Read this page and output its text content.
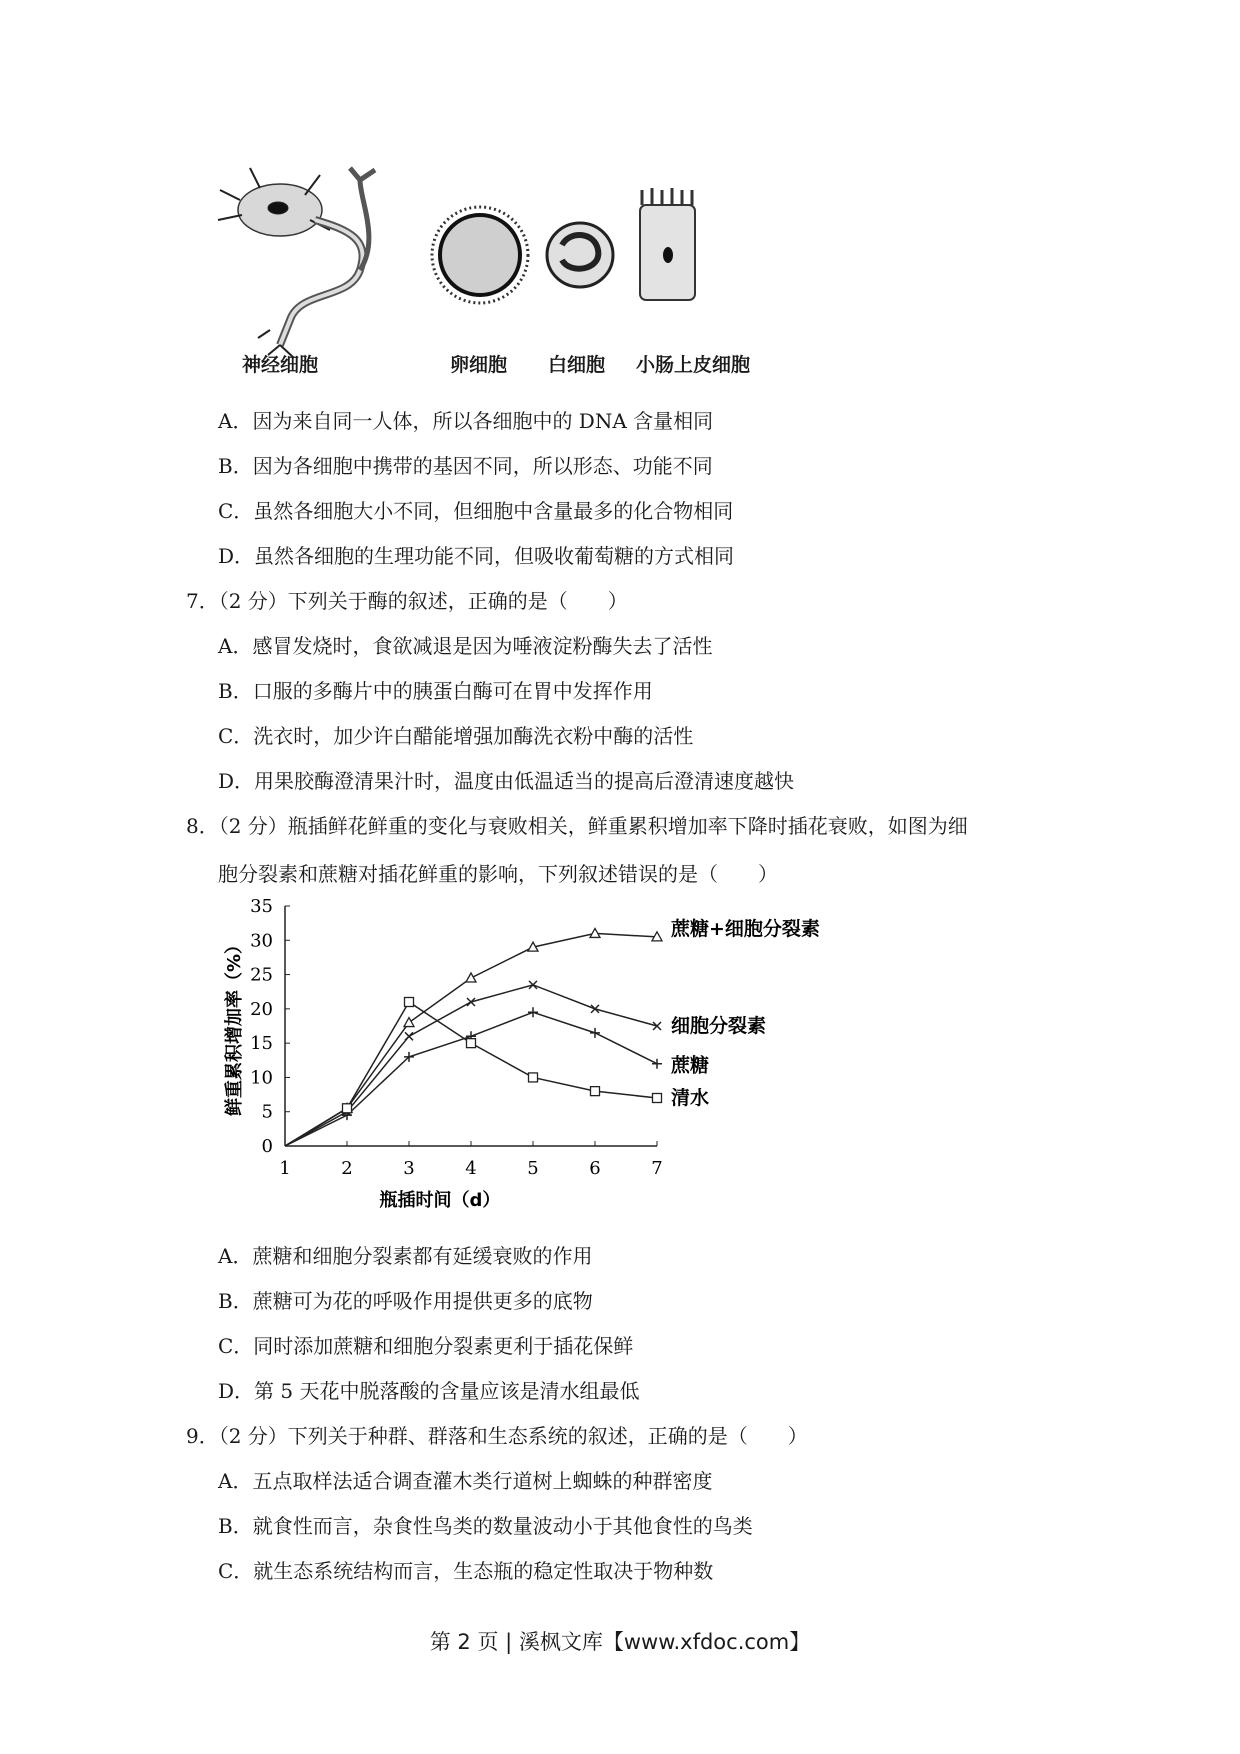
神经细胞	卵细胞 白细胞 小肠上皮细胞
A．因为来自同一人体，所以各细胞中的 DNA 含量相同
B．因为各细胞中携带的基因不同，所以形态、功能不同
C．虽然各细胞大小不同，但细胞中含量最多的化合物相同
D．虽然各细胞的生理功能不同，但吸收葡萄糖的方式相同
7．（2 分）下列关于酶的叙述，正确的是（　　）
A．感冒发烧时，食欲减退是因为唾液淀粉酶失去了活性
B．口服的多酶片中的胰蛋白酶可在胃中发挥作用
C．洗衣时，加少许白醋能增强加酶洗衣粉中酶的活性
D．用果胶酶澄清果汁时，温度由低温适当的提高后澄清速度越快
8．（2 分）瓶插鲜花鲜重的变化与衰败相关，鲜重累积增加率下降时插花衰败，如图为细
胞分裂素和蔗糖对插花鲜重的影响，下列叙述错误的是（　　）
0
5
10
15
20
25
30
35
1	2	3	4	5	6	7
瓶插时间（d）
鲜重累积增加率（%）
蔗糖+细胞分裂素
细胞分裂素
蔗糖
清水
A．蔗糖和细胞分裂素都有延缓衰败的作用
B．蔗糖可为花的呼吸作用提供更多的底物
C．同时添加蔗糖和细胞分裂素更利于插花保鲜
D．第 5 天花中脱落酸的含量应该是清水组最低
9．（2 分）下列关于种群、群落和生态系统的叙述，正确的是（　　）
A．五点取样法适合调查灌木类行道树上蜘蛛的种群密度
B．就食性而言，杂食性鸟类的数量波动小于其他食性的鸟类
C．就生态系统结构而言，生态瓶的稳定性取决于物种数
第 2 页 | 溪枫文库【www.xfdoc.com】
